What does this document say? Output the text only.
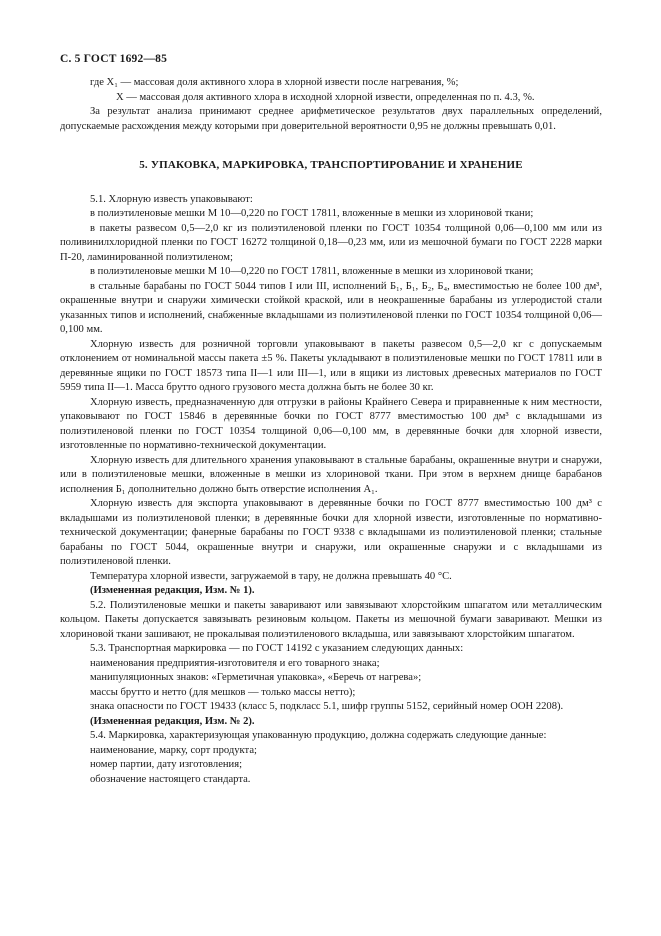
С. 5 ГОСТ 1692—85

где X₁ — массовая доля активного хлора в хлорной извести после нагревания, %;

X — массовая доля активного хлора в исходной хлорной извести, определенная по п. 4.3, %.

За результат анализа принимают среднее арифметическое результатов двух параллельных определений, допускаемые расхождения между которыми при доверительной вероятности 0,95 не должны превышать 0,01.

5. УПАКОВКА, МАРКИРОВКА, ТРАНСПОРТИРОВАНИЕ И ХРАНЕНИЕ

5.1. Хлорную известь упаковывают:

в полиэтиленовые мешки М 10—0,220 по ГОСТ 17811, вложенные в мешки из хлориновой ткани;

в пакеты развесом 0,5—2,0 кг из полиэтиленовой пленки по ГОСТ 10354 толщиной 0,06—0,100 мм или из поливинилхлоридной пленки по ГОСТ 16272 толщиной 0,18—0,23 мм, или из мешочной бумаги по ГОСТ 2228 марки П-20, ламинированной полиэтиленом;

в полиэтиленовые мешки М 10—0,220 по ГОСТ 17811, вложенные в мешки из хлориновой ткани;

в стальные барабаны по ГОСТ 5044 типов I или III, исполнений Б₁, Б₁, Б₂, Б₄, вместимостью не более 100 дм³, окрашенные внутри и снаружи химически стойкой краской, или в неокрашенные барабаны из углеродистой стали указанных типов и исполнений, снабженные вкладышами из полиэтиленовой пленки по ГОСТ 10354 толщиной 0,06—0,100 мм.

Хлорную известь для розничной торговли упаковывают в пакеты развесом 0,5—2,0 кг с допускаемым отклонением от номинальной массы пакета ±5 %. Пакеты укладывают в полиэтиленовые мешки по ГОСТ 17811 или в деревянные ящики по ГОСТ 18573 типа II—1 или III—1, или в ящики из листовых древесных материалов по ГОСТ 5959 типа II—1. Масса брутто одного грузового места должна быть не более 30 кг.

Хлорную известь, предназначенную для отгрузки в районы Крайнего Севера и приравненные к ним местности, упаковывают по ГОСТ 15846 в деревянные бочки по ГОСТ 8777 вместимостью 100 дм³ с вкладышами из полиэтиленовой пленки по ГОСТ 10354 толщиной 0,06—0,100 мм, в деревянные бочки для хлорной извести, изготовленные по нормативно-технической документации.

Хлорную известь для длительного хранения упаковывают в стальные барабаны, окрашенные внутри и снаружи, или в полиэтиленовые мешки, вложенные в мешки из хлориновой ткани. При этом в верхнем днище барабанов исполнения Б₁ дополнительно должно быть отверстие исполнения А₁.

Хлорную известь для экспорта упаковывают в деревянные бочки по ГОСТ 8777 вместимостью 100 дм³ с вкладышами из полиэтиленовой пленки; в деревянные бочки для хлорной извести, изготовленные по нормативно-технической документации; фанерные барабаны по ГОСТ 9338 с вкладышами из полиэтиленовой пленки; стальные барабаны по ГОСТ 5044, окрашенные внутри и снаружи, или окрашенные снаружи и с вкладышами из полиэтиленовой пленки.

Температура хлорной извести, загружаемой в тару, не должна превышать 40 °С.

(Измененная редакция, Изм. № 1).

5.2. Полиэтиленовые мешки и пакеты заваривают или завязывают хлорстойким шпагатом или металлическим кольцом. Пакеты допускается завязывать резиновым кольцом. Пакеты из мешочной бумаги заваривают. Мешки из хлориновой ткани зашивают, не прокалывая полиэтиленового вкладыша, или завязывают хлорстойким шпагатом.

5.3. Транспортная маркировка — по ГОСТ 14192 с указанием следующих данных:

наименования предприятия-изготовителя и его товарного знака;

манипуляционных знаков: «Герметичная упаковка», «Беречь от нагрева»;

массы брутто и нетто (для мешков — только массы нетто);

знака опасности по ГОСТ 19433 (класс 5, подкласс 5.1, шифр группы 5152, серийный номер ООН 2208).

(Измененная редакция, Изм. № 2).

5.4. Маркировка, характеризующая упакованную продукцию, должна содержать следующие данные:

наименование, марку, сорт продукта;

номер партии, дату изготовления;

обозначение настоящего стандарта.
